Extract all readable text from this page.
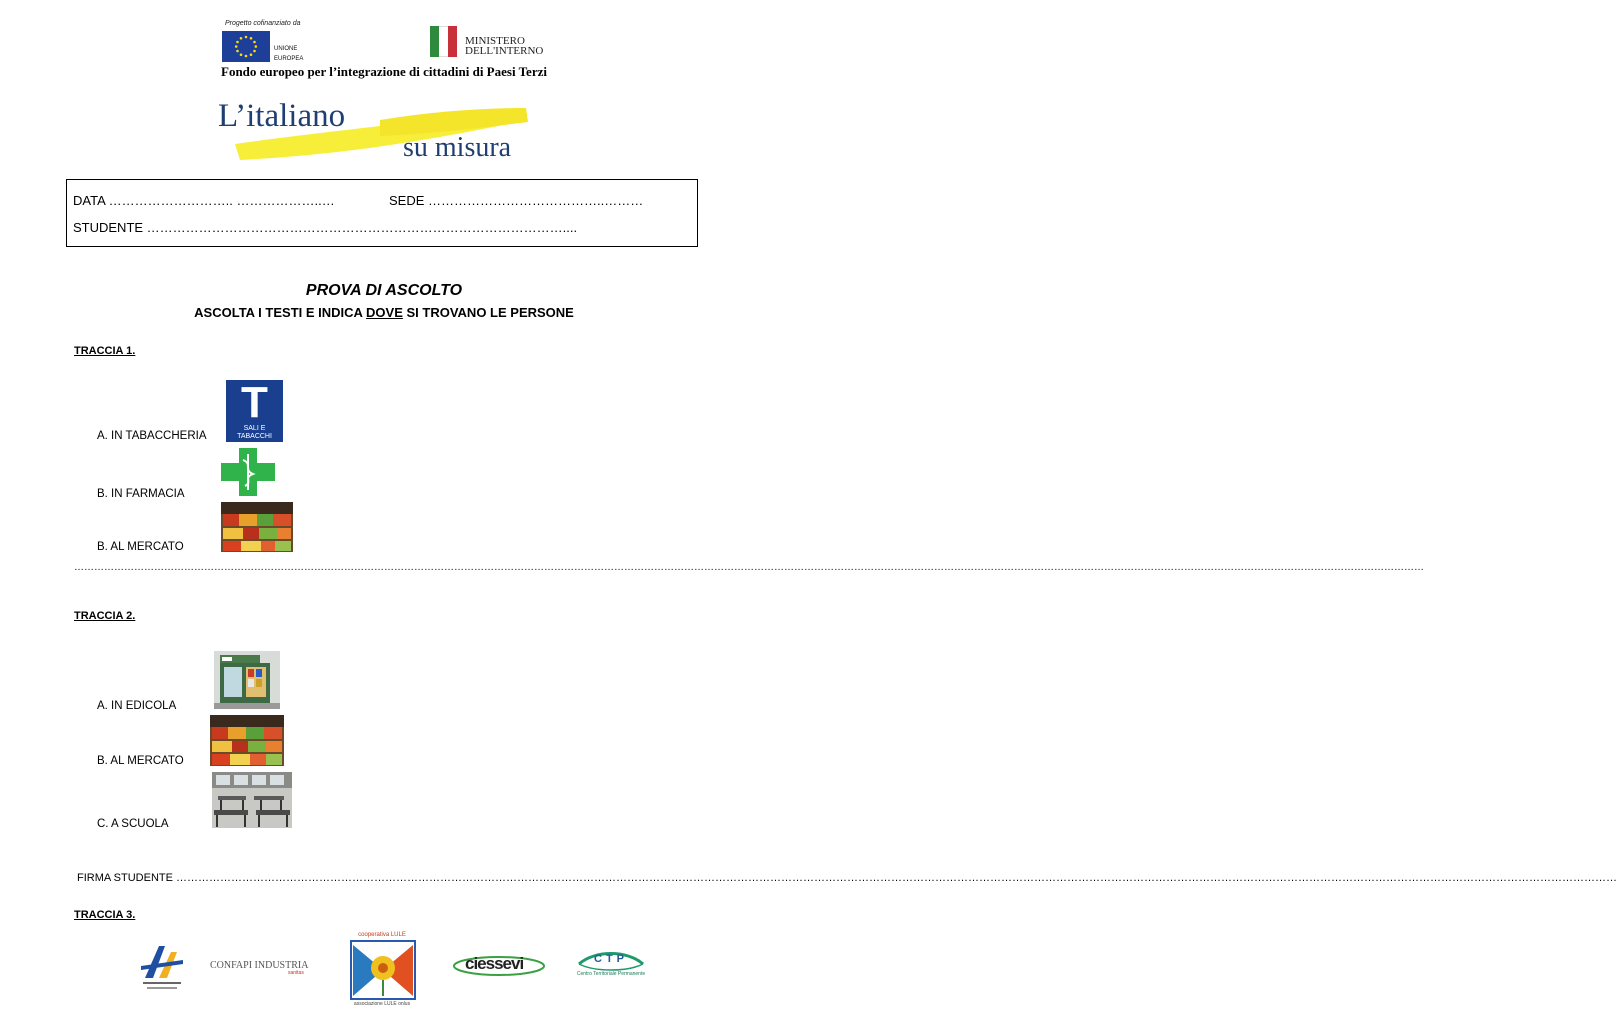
Progetto cofinanziato da
UNIONE
EUROPEA
MINISTERO
DELL'INTERNO
Fondo europeo per l’integrazione di cittadini di Paesi Terzi
L’italiano
su misura
DATA ……………………….. ………………..…	SEDE …………………………………..………
STUDENTE ……………………………………………………………………………………....
PROVA DI ASCOLTO
ASCOLTA I TESTI E INDICA DOVE SI TROVANO LE PERSONE
TRACCIA 1.
T
SALI E TABACCHI
A. IN TABACCHERIA
B. IN FARMACIA
B. AL MERCATO
………………………………………………………………………………………………………………………………………………………………………………………………………………………………………………………………………………………………………………………………………………………………………
TRACCIA 2.
A. IN EDICOLA
B. AL MERCATO
C. A SCUOLA
FIRMA STUDENTE ……………………………………………………………………………………………………………………………………………………………………………………………………………………………………………………………………………………………………………………………………………………………
TRACCIA 3.
CONFAPI INDUSTRIA
sanitas
cooperativa LULE
associazione LULE onlus
ciessevi	CTP
Centro Territoriale Permanente
